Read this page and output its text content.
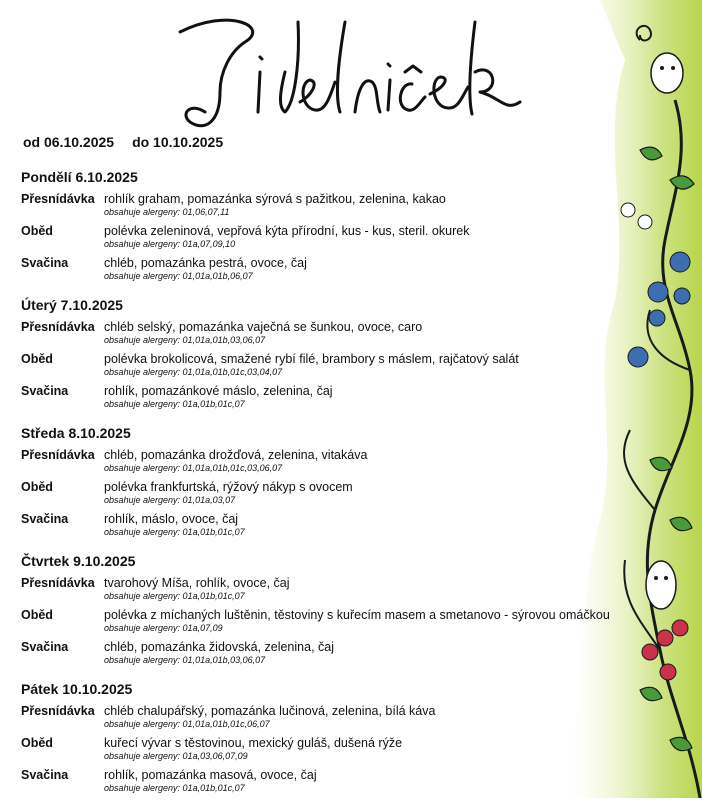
od 06.10.2025 do 10.10.2025
Pondělí 6.10.2025
Přesnídávka rohlík graham, pomazánka sýrová s pažitkou, zelenina, kakao
obsahuje alergeny: 01,06,07,11
Oběd	polévka zeleninová, vepřová kýta přírodní, kus - kus, steril. okurek
obsahuje alergeny: 01a,07,09,10
Svačina	chléb, pomazánka pestrá, ovoce, čaj
obsahuje alergeny: 01,01a,01b,06,07
Úterý 7.10.2025
Přesnídávka chléb selský, pomazánka vaječná se šunkou, ovoce, caro
obsahuje alergeny: 01,01a,01b,03,06,07
Oběd	polévka brokolicová, smažené rybí filé, brambory s máslem, rajčatový salát
obsahuje alergeny: 01,01a,01b,01c,03,04,07
Svačina	rohlík, pomazánkové máslo, zelenina, čaj
obsahuje alergeny: 01a,01b,01c,07
Středa 8.10.2025
Přesnídávka chléb, pomazánka drožďová, zelenina, vitakáva
obsahuje alergeny: 01,01a,01b,01c,03,06,07
Oběd	polévka frankfurtská, rýžový nákyp s ovocem
obsahuje alergeny: 01,01a,03,07
Svačina	rohlík, máslo, ovoce, čaj
obsahuje alergeny: 01a,01b,01c,07
Čtvrtek 9.10.2025
Přesnídávka tvarohový Míša, rohlík, ovoce, čaj
obsahuje alergeny: 01a,01b,01c,07
Oběd	polévka z míchaných luštěnin, těstoviny s kuřecím masem a smetanovo - sýrovou omáčkou
obsahuje alergeny: 01a,07,09
Svačina	chléb, pomazánka židovská, zelenina, čaj
obsahuje alergeny: 01,01a,01b,03,06,07
Pátek 10.10.2025
Přesnídávka chléb chalupářský, pomazánka lučinová, zelenina, bílá káva
obsahuje alergeny: 01,01a,01b,01c,06,07
Oběd	kuřecí vývar s těstovinou, mexický guláš, dušená rýže
obsahuje alergeny: 01a,03,06,07,09
Svačina	rohlík, pomazánka masová, ovoce, čaj
obsahuje alergeny: 01a,01b,01c,07
